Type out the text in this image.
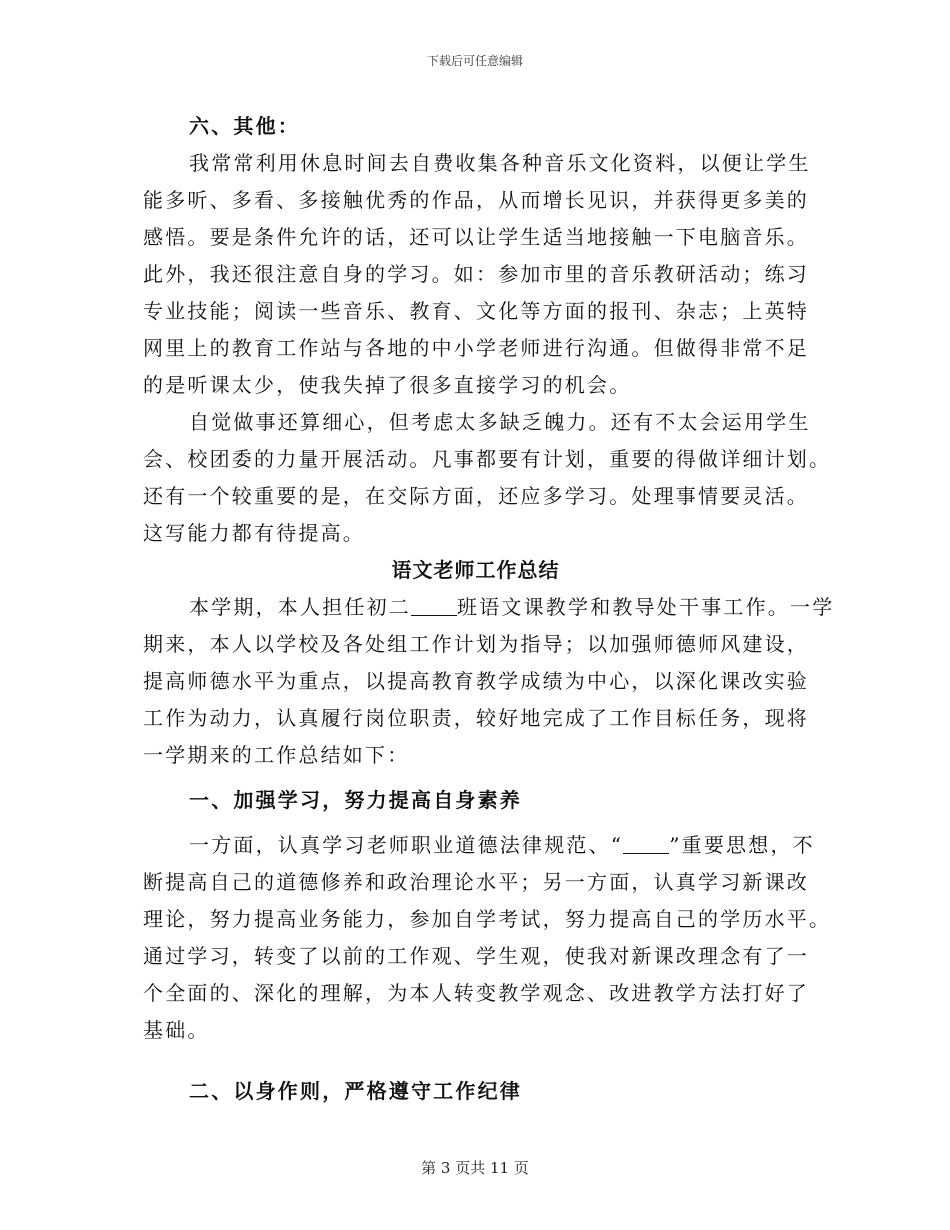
下载后可任意编辑
六、其他：
我常常利用休息时间去自费收集各种音乐文化资料，以便让学生
能多听、多看、多接触优秀的作品，从而增长见识，并获得更多美的
感悟。要是条件允许的话，还可以让学生适当地接触一下电脑音乐。
此外，我还很注意自身的学习。如：参加市里的音乐教研活动；练习
专业技能；阅读一些音乐、教育、文化等方面的报刊、杂志；上英特
网里上的教育工作站与各地的中小学老师进行沟通。但做得非常不足
的是听课太少，使我失掉了很多直接学习的机会。
自觉做事还算细心，但考虑太多缺乏魄力。还有不太会运用学生
会、校团委的力量开展活动。凡事都要有计划，重要的得做详细计划。
还有一个较重要的是，在交际方面，还应多学习。处理事情要灵活。
这写能力都有待提高。
语文老师工作总结
本学期，本人担任初二 班语文课教学和教导处干事工作。一学
期来，本人以学校及各处组工作计划为指导；以加强师德师风建设，
提高师德水平为重点，以提高教育教学成绩为中心，以深化课改实验
工作为动力，认真履行岗位职责，较好地完成了工作目标任务，现将
一学期来的工作总结如下：
一、加强学习，努力提高自身素养
一方面，认真学习老师职业道德法律规范、“ ”重要思想，不
断提高自己的道德修养和政治理论水平；另一方面，认真学习新课改
理论，努力提高业务能力，参加自学考试，努力提高自己的学历水平。
通过学习，转变了以前的工作观、学生观，使我对新课改理念有了一
个全面的、深化的理解，为本人转变教学观念、改进教学方法打好了
基础。
二、以身作则，严格遵守工作纪律
第 3 页共 11 页
